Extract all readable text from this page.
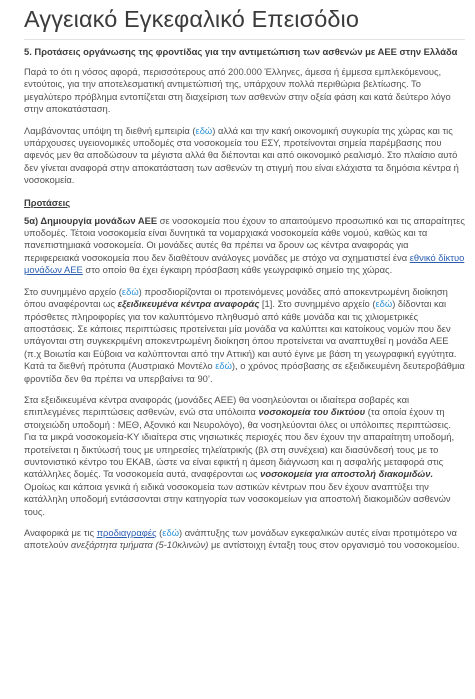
Αγγειακό Εγκεφαλικό Επεισόδιο
5. Προτάσεις οργάνωσης της φροντίδας για την αντιμετώπιση των ασθενών με ΑΕΕ στην Ελλάδα

Παρά το ότι η νόσος αφορά, περισσότερους από 200.000 Έλληνες, άμεσα ή έμμεσα εμπλεκόμενους, εντούτοις, για την αποτελεσματική αντιμετώπισή της, υπάρχουν πολλά περιθώρια βελτίωσης. Το μεγαλύτερο πρόβλημα εντοπίζεται στη διαχείριση των ασθενών στην οξεία φάση και κατά δεύτερο λόγο στην αποκατάσταση.

Λαμβάνοντας υπόψη τη διεθνή εμπειρία (εδώ) αλλά και την κακή οικονομική συγκυρία της χώρας και τις υπάρχουσες υγειονομικές υποδομές στα νοσοκομεία του ΕΣΥ, προτείνονται σημεία παρέμβασης που αφενός μεν θα αποδώσουν τα μέγιστα αλλά θα διέπονται και από οικονομικό ρεαλισμό. Στο πλαίσιο αυτό δεν γίνεται αναφορά στην αποκατάσταση των ασθενών τη στιγμή που είναι ελάχιστα τα δημόσια κέντρα ή νοσοκομεία.

Προτάσεις

5α) Δημιουργία μονάδων ΑΕΕ σε νοσοκομεία που έχουν το απαιτούμενο προσωπικό και τις απαραίτητες υποδομές. Τέτοια νοσοκομεία είναι δυνητικά τα νομαρχιακά νοσοκομεία κάθε νομού, καθώς και τα πανεπιστημιακά νοσοκομεία. Οι μονάδες αυτές θα πρέπει να δρουν ως κέντρα αναφοράς για περιφερειακά νοσοκομεία που δεν διαθέτουν ανάλογες μονάδες με στόχο να σχηματιστεί ένα εθνικό δίκτυο μονάδων ΑΕΕ στο οποίο θα έχει έγκαιρη πρόσβαση κάθε γεωγραφικό σημείο της χώρας.

Στο συνημμένο αρχείο (εδώ) προσδιορίζονται οι προτεινόμενες μονάδες από αποκεντρωμένη διοίκηση όπου αναφέρονται ως εξειδικευμένα κέντρα αναφοράς [1]. Στο συνημμένο αρχείο (εδώ) δίδονται και πρόσθετες πληροφορίες για τον καλυπτόμενο πληθυσμό από κάθε μονάδα και τις χιλιομετρικές αποστάσεις. Σε κάποιες περιπτώσεις προτείνεται μία μονάδα να καλύπτει και κατοίκους νομών που δεν υπάγονται στη συγκεκριμένη αποκεντρωμένη διοίκηση όπου προτείνεται να αναπτυχθεί η μονάδα ΑΕΕ (π.χ Βοιωτία και Εύβοια να καλύπτονται από την Αττική) και αυτό έγινε με βάση τη γεωγραφική εγγύτητα. Κατά τα διεθνή πρότυπα (Αυστριακό Μοντέλο εδώ), ο χρόνος πρόσβασης σε εξειδικευμένη δευτεροβάθμια φροντίδα δεν θα πρέπει να υπερβαίνει τα 90’.

Στα εξειδικευμένα κέντρα αναφοράς (μονάδες ΑΕΕ) θα νοσηλεύονται οι ιδιαίτερα σοβαρές και επιπλεγμένες περιπτώσεις ασθενών, ενώ στα υπόλοιπα νοσοκομεία του δικτύου (τα οποία έχουν τη στοιχειώδη υποδομή : ΜΕΘ, Αξονικό και Νευρολόγο), θα νοσηλεύονται όλες οι υπόλοιπες περιπτώσεις. Για τα μικρά νοσοκομεία-ΚΥ ιδιαίτερα στις νησιωτικές περιοχές που δεν έχουν την απαραίτητη υποδομή, προτείνεται η δικτύωσή τους με υπηρεσίες τηλεϊατρικής (βλ στη συνέχεια) και διασύνδεσή τους με το συντονιστικό κέντρο του ΕΚΑΒ, ώστε να είναι εφικτή η άμεση διάγνωση και η ασφαλής μεταφορά στις κατάλληλες δομές. Τα νοσοκομεία αυτά, αναφέρονται ως νοσοκομεία για αποστολή διακομιδών. Ομοίως και κάποια γενικά ή ειδικά νοσοκομεία των αστικών κέντρων που δεν έχουν αναπτύξει την κατάλληλη υποδομή εντάσσονται στην κατηγορία των νοσοκομείων για αποστολή διακομιδών ασθενών τους.

Αναφορικά με τις προδιαγραφές (εδώ) ανάπτυξης των μονάδων εγκεφαλικών αυτές είναι προτιμότερο να αποτελούν ανεξάρτητα τμήματα (5-10κλινών) με αντίστοιχη ένταξη τους στον οργανισμό του νοσοκομείου.
